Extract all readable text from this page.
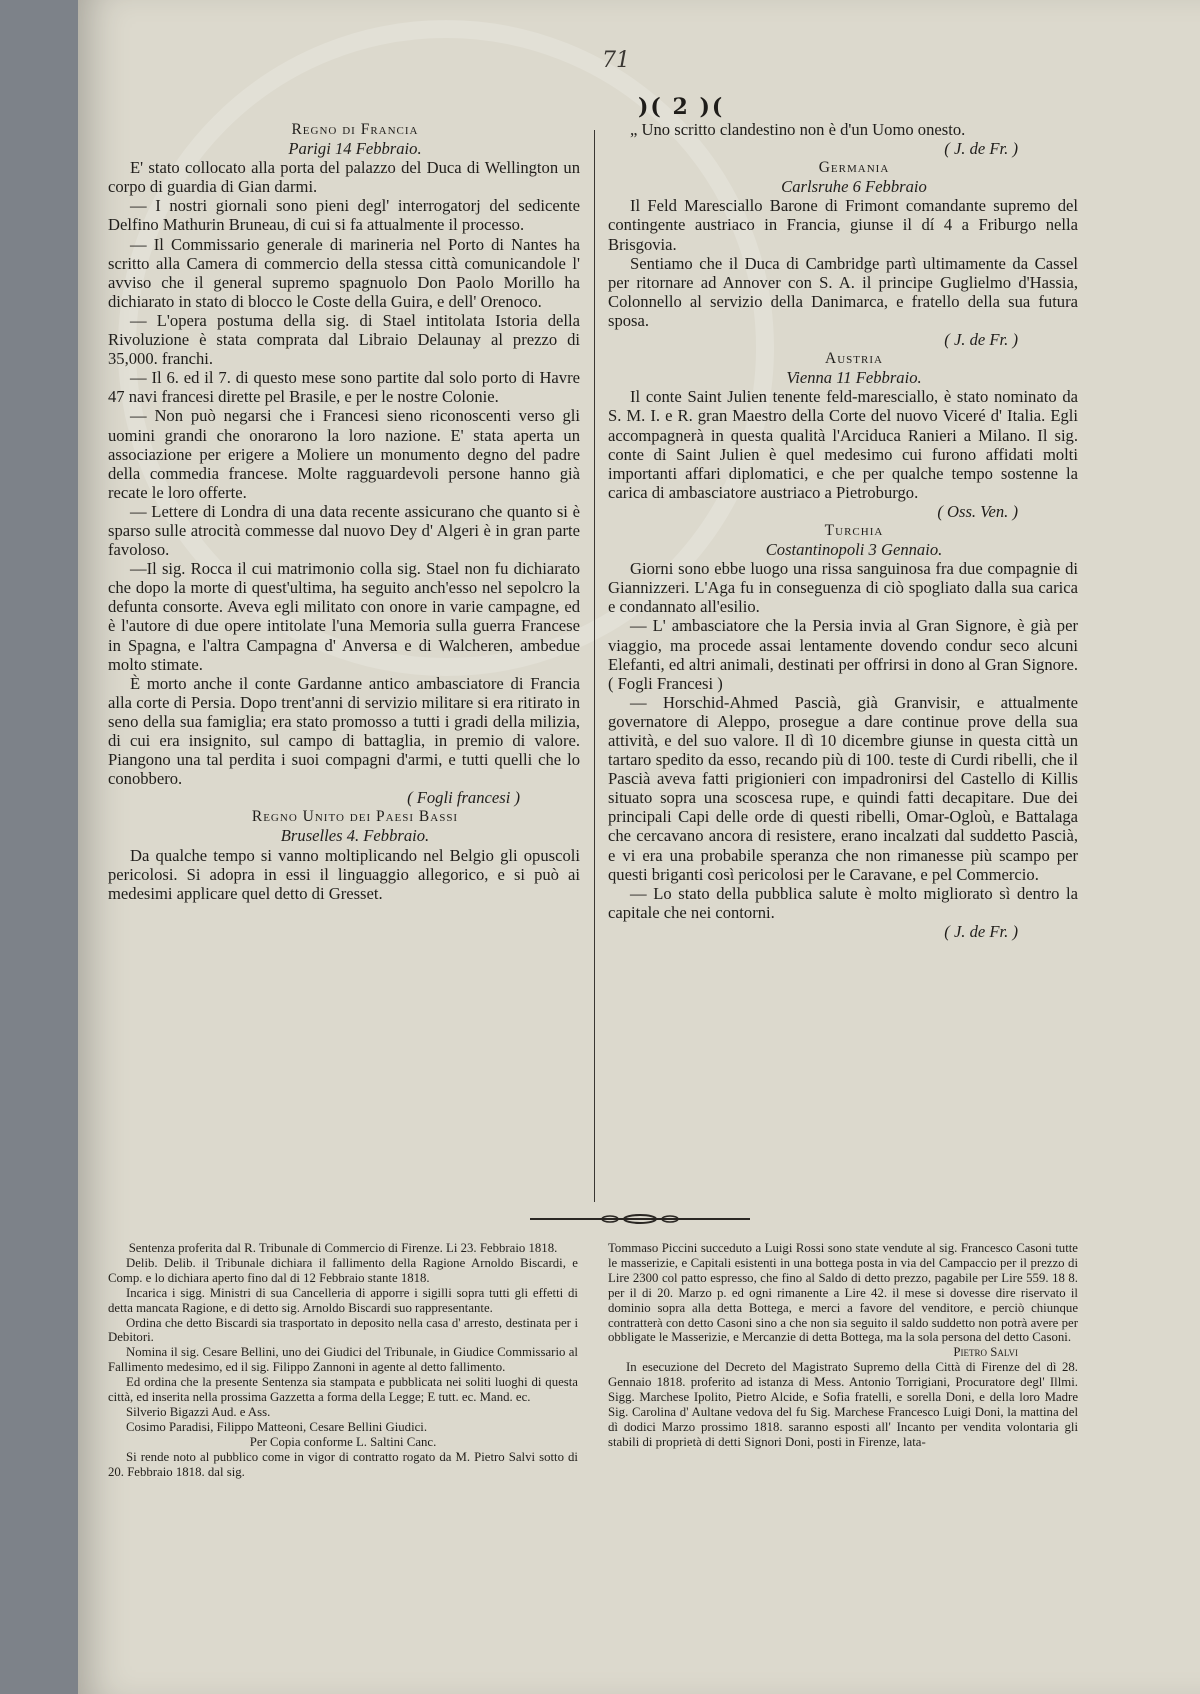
71
)( 2 )(

Regno di Francia

Parigi 14 Febbraio.

E' stato collocato alla porta del palazzo del Duca di Wellington un corpo di guardia di Gian darmi.

— I nostri giornali sono pieni degl' interrogatorj del sedicente Delfino Mathurin Bruneau, di cui si fa attualmente il processo.

— Il Commissario generale di marineria nel Porto di Nantes ha scritto alla Camera di commercio della stessa città comunicandole l' avviso che il general supremo spagnuolo Don Paolo Morillo ha dichiarato in stato di blocco le Coste della Guira, e dell' Orenoco.

— L'opera postuma della sig. di Stael intitolata Istoria della Rivoluzione è stata comprata dal Libraio Delaunay al prezzo di 35,000. franchi.

— Il 6. ed il 7. di questo mese sono partite dal solo porto di Havre 47 navi francesi dirette pel Brasile, e per le nostre Colonie.

— Non può negarsi che i Francesi sieno riconoscenti verso gli uomini grandi che onorarono la loro nazione. E' stata aperta un associazione per erigere a Moliere un monumento degno del padre della commedia francese. Molte ragguardevoli persone hanno già recate le loro offerte.

— Lettere di Londra di una data recente assicurano che quanto si è sparso sulle atrocità commesse dal nuovo Dey d' Algeri è in gran parte favoloso.

—Il sig. Rocca il cui matrimonio colla sig. Stael non fu dichiarato che dopo la morte di quest'ultima, ha seguito anch'esso nel sepolcro la defunta consorte. Aveva egli militato con onore in varie campagne, ed è l'autore di due opere intitolate l'una Memoria sulla guerra Francese in Spagna, e l'altra Campagna d' Anversa e di Walcheren, ambedue molto stimate.

È morto anche il conte Gardanne antico ambasciatore di Francia alla corte di Persia. Dopo trent'anni di servizio militare si era ritirato in seno della sua famiglia; era stato promosso a tutti i gradi della milizia, di cui era insignito, sul campo di battaglia, in premio di valore. Piangono una tal perdita i suoi compagni d'armi, e tutti quelli che lo conobbero.

( Fogli francesi )

Regno Unito dei Paesi Bassi

Bruselles 4. Febbraio.

Da qualche tempo si vanno moltiplicando nel Belgio gli opuscoli pericolosi. Si adopra in essi il linguaggio allegorico, e si può ai medesimi applicare quel detto di Gresset.

„ Uno scritto clandestino non è d'un Uomo onesto.

( J. de Fr. )

Germania

Carlsruhe 6 Febbraio

Il Feld Maresciallo Barone di Frimont comandante supremo del contingente austriaco in Francia, giunse il dí 4 a Friburgo nella Brisgovia.

Sentiamo che il Duca di Cambridge partì ultimamente da Cassel per ritornare ad Annover con S. A. il principe Guglielmo d'Hassia, Colonnello al servizio della Danimarca, e fratello della sua futura sposa.

( J. de Fr. )

Austria

Vienna 11 Febbraio.

Il conte Saint Julien tenente feld-maresciallo, è stato nominato da S. M. I. e R. gran Maestro della Corte del nuovo Viceré d' Italia. Egli accompagnerà in questa qualità l'Arciduca Ranieri a Milano. Il sig. conte di Saint Julien è quel medesimo cui furono affidati molti importanti affari diplomatici, e che per qualche tempo sostenne la carica di ambasciatore austriaco a Pietroburgo.

( Oss. Ven. )

Turchia

Costantinopoli 3 Gennaio.

Giorni sono ebbe luogo una rissa sanguinosa fra due compagnie di Giannizzeri. L'Aga fu in conseguenza di ciò spogliato dalla sua carica e condannato all'esilio.

— L' ambasciatore che la Persia invia al Gran Signore, è già per viaggio, ma procede assai lentamente dovendo condur seco alcuni Elefanti, ed altri animali, destinati per offrirsi in dono al Gran Signore. ( Fogli Francesi )

— Horschid-Ahmed Pascià, già Granvisir, e attualmente governatore di Aleppo, prosegue a dare continue prove della sua attività, e del suo valore. Il dì 10 dicembre giunse in questa città un tartaro spedito da esso, recando più di 100. teste di Curdi ribelli, che il Pascià aveva fatti prigionieri con impadronirsi del Castello di Killis situato sopra una scoscesa rupe, e quindi fatti decapitare. Due dei principali Capi delle orde di questi ribelli, Omar-Ogloù, e Battalaga che cercavano ancora di resistere, erano incalzati dal suddetto Pascià, e vi era una probabile speranza che non rimanesse più scampo per questi briganti così pericolosi per le Caravane, e pel Commercio.

— Lo stato della pubblica salute è molto migliorato sì dentro la capitale che nei contorni.

( J. de Fr. )

Sentenza proferita dal R. Tribunale di Commercio di Firenze. Li 23. Febbraio 1818.

Delib. Delib. il Tribunale dichiara il fallimento della Ragione Arnoldo Biscardi, e Comp. e lo dichiara aperto fino dal di 12 Febbraio stante 1818.

Incarica i sigg. Ministri di sua Cancelleria di apporre i sigilli sopra tutti gli effetti di detta mancata Ragione, e di detto sig. Arnoldo Biscardi suo rappresentante.

Ordina che detto Biscardi sia trasportato in deposito nella casa d' arresto, destinata per i Debitori.

Nomina il sig. Cesare Bellini, uno dei Giudici del Tribunale, in Giudice Commissario al Fallimento medesimo, ed il sig. Filippo Zannoni in agente al detto fallimento.

Ed ordina che la presente Sentenza sia stampata e pubblicata nei soliti luoghi di questa città, ed inserita nella prossima Gazzetta a forma della Legge; E tutt. ec. Mand. ec.

Silverio Bigazzi Aud. e Ass.

Cosimo Paradisi, Filippo Matteoni, Cesare Bellini Giudici.

Per Copia conforme L. Saltini Canc.

Si rende noto al pubblico come in vigor di contratto rogato da M. Pietro Salvi sotto di 20. Febbraio 1818. dal sig.

Tommaso Piccini succeduto a Luigi Rossi sono state vendute al sig. Francesco Casoni tutte le masserizie, e Capitali esistenti in una bottega posta in via del Campaccio per il prezzo di Lire 2300 col patto espresso, che fino al Saldo di detto prezzo, pagabile per Lire 559. 18 8. per il di 20. Marzo p. ed ogni rimanente a Lire 42. il mese si dovesse dire riservato il dominio sopra alla detta Bottega, e merci a favore del venditore, e perciò chiunque contratterà con detto Casoni sino a che non sia seguito il saldo suddetto non potrà avere per obbligate le Masserizie, e Mercanzie di detta Bottega, ma la sola persona del detto Casoni.

Pietro Salvi

In esecuzione del Decreto del Magistrato Supremo della Città di Firenze del dì 28. Gennaio 1818. proferito ad istanza di Mess. Antonio Torrigiani, Procuratore degl' Illmi. Sigg. Marchese Ipolito, Pietro Alcide, e Sofia fratelli, e sorella Doni, e della loro Madre Sig. Carolina d' Aultane vedova del fu Sig. Marchese Francesco Luigi Doni, la mattina del dì dodici Marzo prossimo 1818. saranno esposti all' Incanto per vendita volontaria gli stabili di proprietà di detti Signori Doni, posti in Firenze, lata-
